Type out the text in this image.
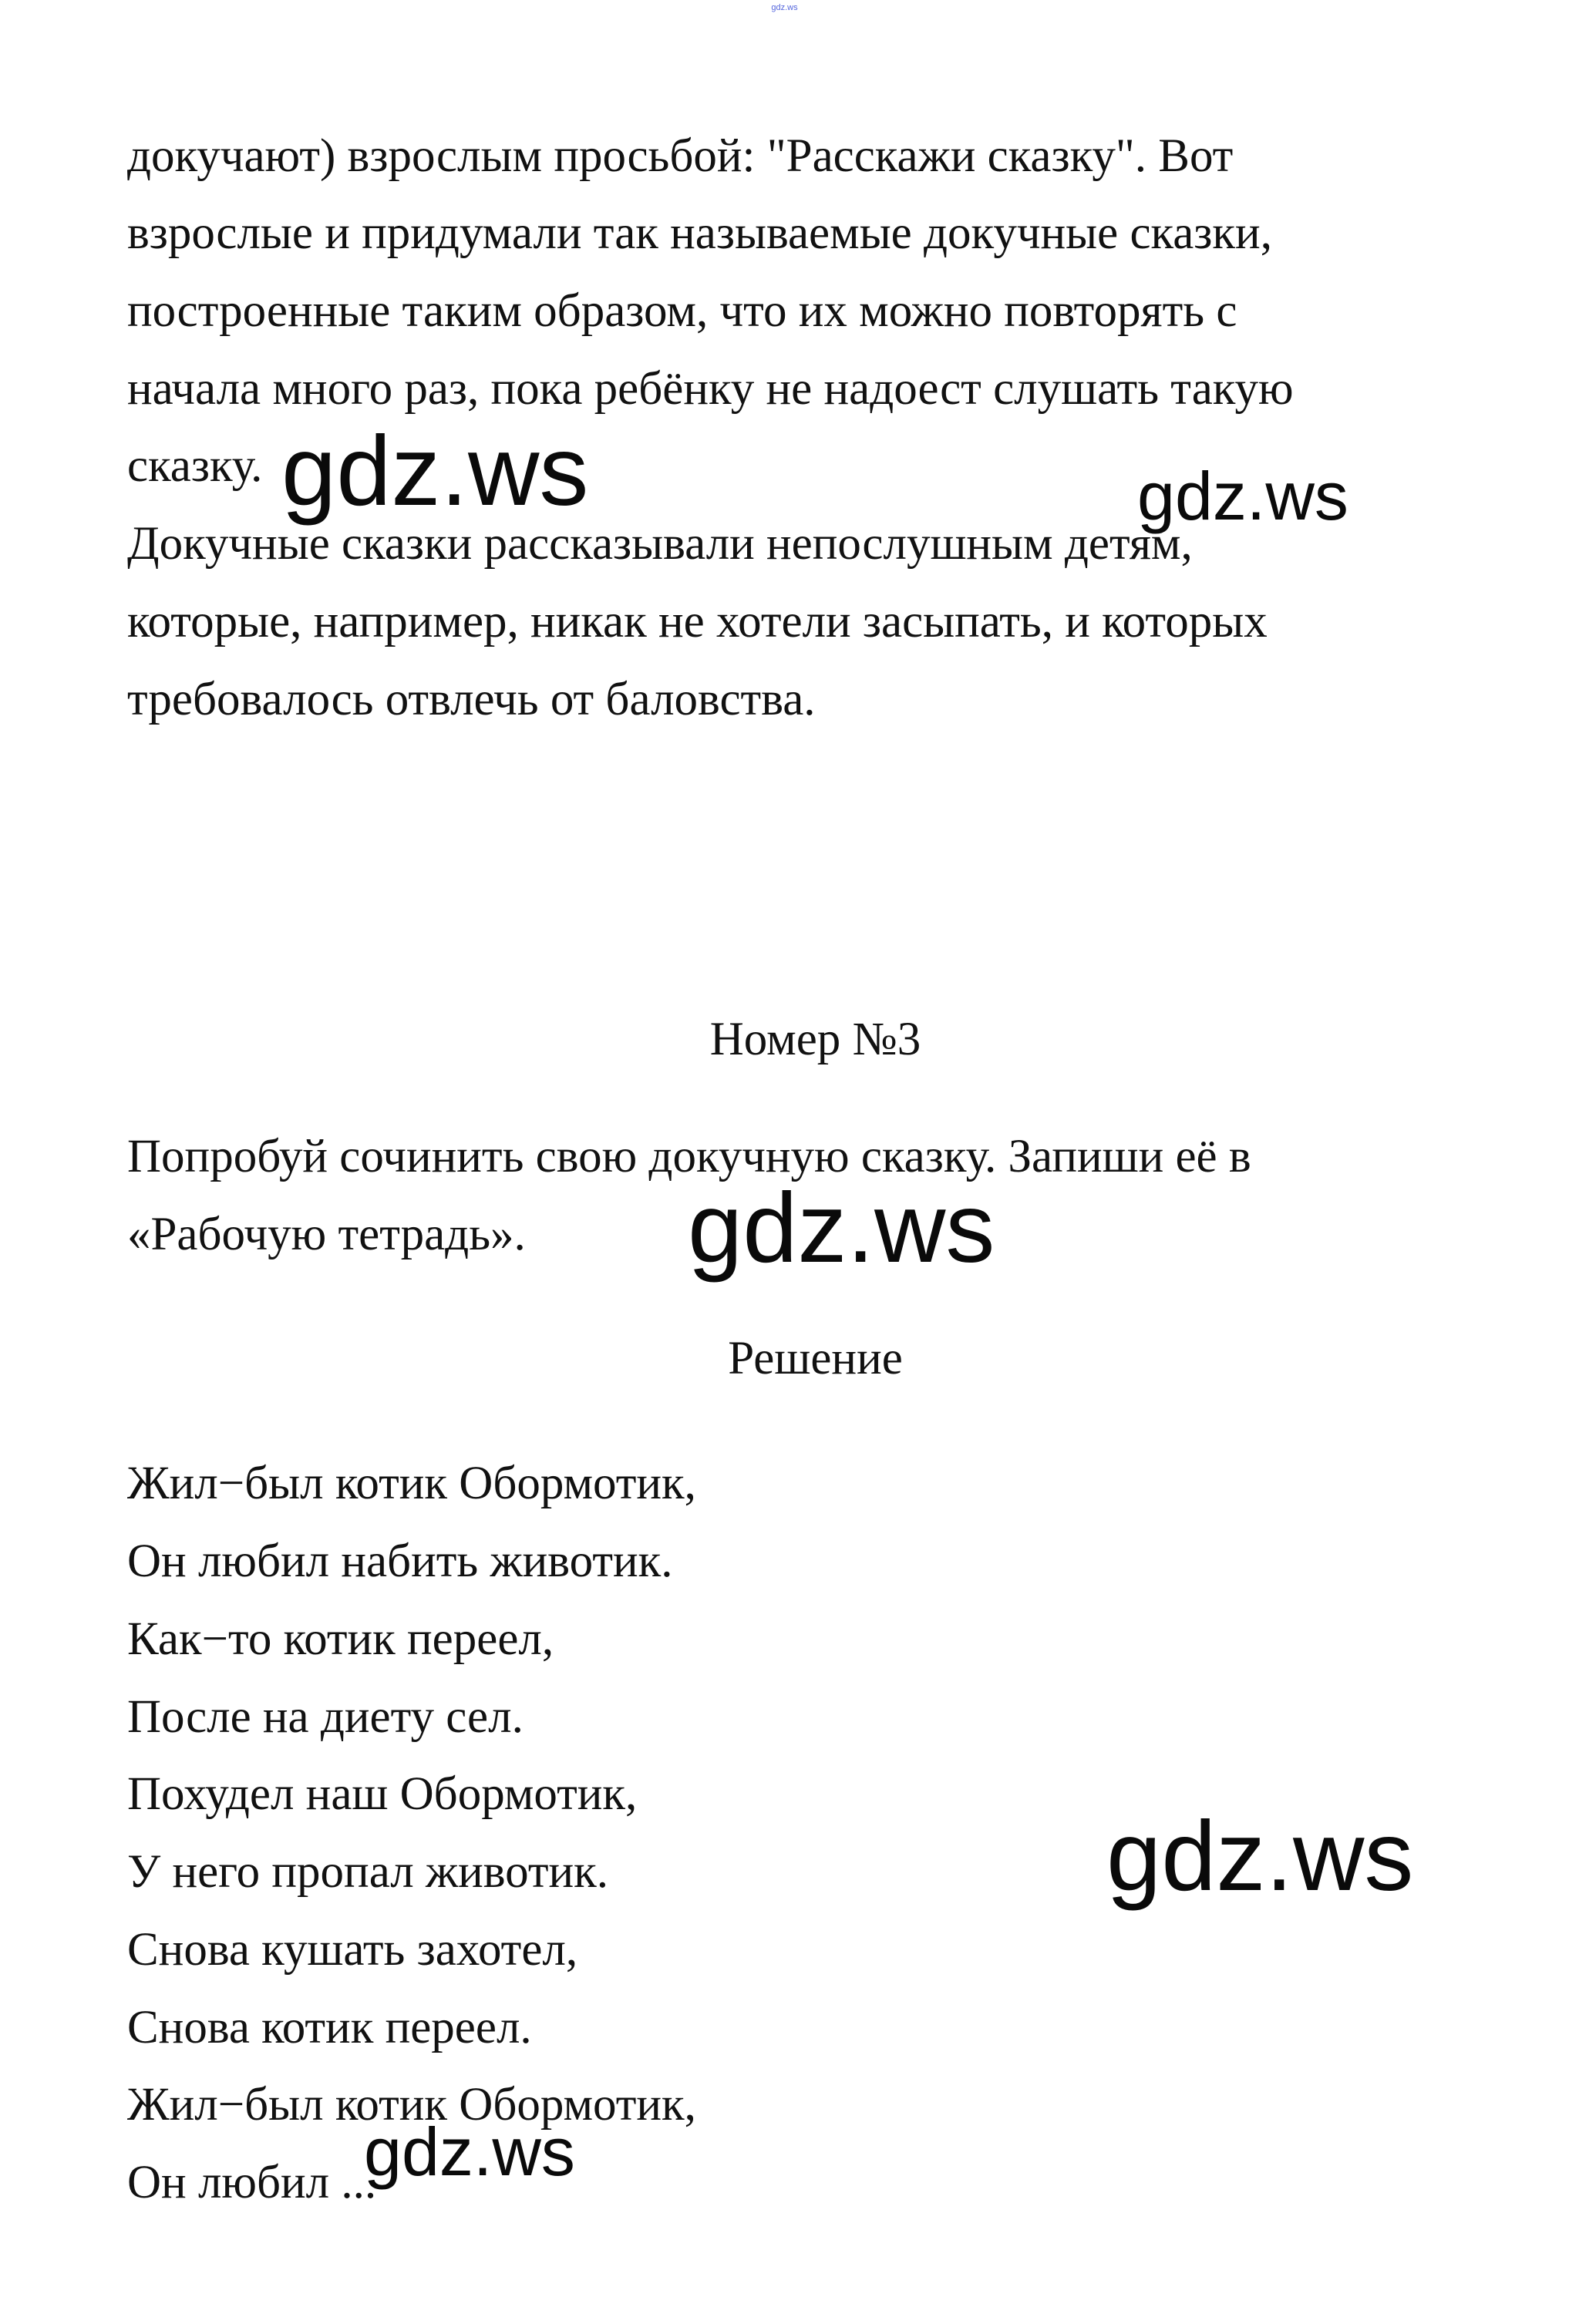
gdz.ws
докучают) взрослым просьбой: "Расскажи сказку". Вот
взрослые и придумали так называемые докучные сказки,
построенные таким образом, что их можно повторять с
начала много раз, пока ребёнку не надоест слушать такую
сказку.
Докучные сказки рассказывали непослушным детям,
которые, например, никак не хотели засыпать, и которых
требовалось отвлечь от баловства.
Номер №3
Попробуй сочинить свою докучную сказку. Запиши её в
«Рабочую тетрадь».
Решение
Жил−был котик Обормотик,
Он любил набить животик.
Как−то котик переел,
После на диету сел.
Похудел наш Обормотик,
У него пропал животик.
Снова кушать захотел,
Снова котик переел.
Жил−был котик Обормотик,
Он любил ...
gdz.ws	gdz.ws
gdz.ws
gdz.ws
gdz.ws
